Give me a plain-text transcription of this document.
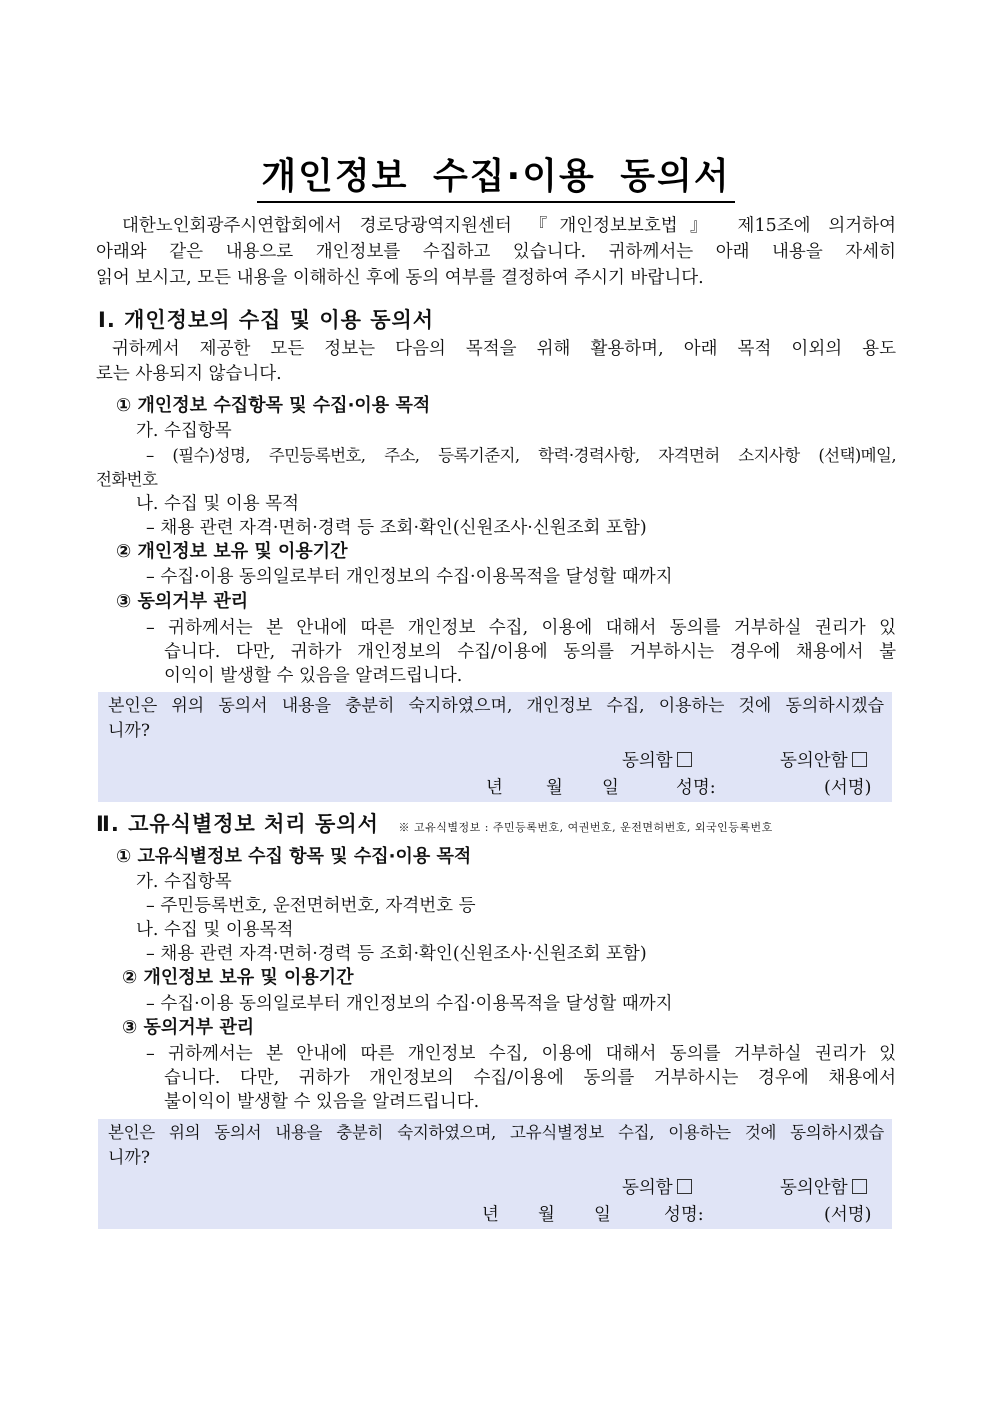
개인정보 수집·이용 동의서
대한노인회광주시연합회에서 경로당광역지원센터 『개인정보보호법』 제15조에 의거하여
아래와 같은 내용으로 개인정보를 수집하고 있습니다. 귀하께서는 아래 내용을 자세히
읽어 보시고, 모든 내용을 이해하신 후에 동의 여부를 결정하여 주시기 바랍니다.
Ⅰ. 개인정보의 수집 및 이용 동의서
귀하께서 제공한 모든 정보는 다음의 목적을 위해 활용하며, 아래 목적 이외의 용도
로는 사용되지 않습니다.
① 개인정보 수집항목 및 수집·이용 목적
가. 수집항목
– (필수)성명, 주민등록번호, 주소, 등록기준지, 학력·경력사항, 자격면허 소지사항 (선택)메일,
전화번호
나. 수집 및 이용 목적
– 채용 관련 자격·면허·경력 등 조회·확인(신원조사·신원조회 포함)
② 개인정보 보유 및 이용기간
– 수집·이용 동의일로부터 개인정보의 수집·이용목적을 달성할 때까지
③ 동의거부 관리
– 귀하께서는 본 안내에 따른 개인정보 수집, 이용에 대해서 동의를 거부하실 권리가 있
습니다. 다만, 귀하가 개인정보의 수집/이용에 동의를 거부하시는 경우에 채용에서 불
이익이 발생할 수 있음을 알려드립니다.
본인은 위의 동의서 내용을 충분히 숙지하였으며, 개인정보 수집, 이용하는 것에 동의하시겠습
니까?
동의함	동의안함
년 월 일	성명:	(서명)
Ⅱ. 고유식별정보 처리 동의서 ※ 고유식별정보 : 주민등록번호, 여권번호, 운전면허번호, 외국인등록번호
① 고유식별정보 수집 항목 및 수집·이용 목적
가. 수집항목
– 주민등록번호, 운전면허번호, 자격번호 등
나. 수집 및 이용목적
– 채용 관련 자격·면허·경력 등 조회·확인(신원조사·신원조회 포함)
② 개인정보 보유 및 이용기간
– 수집·이용 동의일로부터 개인정보의 수집·이용목적을 달성할 때까지
③ 동의거부 관리
– 귀하께서는 본 안내에 따른 개인정보 수집, 이용에 대해서 동의를 거부하실 권리가 있
습니다. 다만, 귀하가 개인정보의 수집/이용에 동의를 거부하시는 경우에 채용에서
불이익이 발생할 수 있음을 알려드립니다.
본인은 위의 동의서 내용을 충분히 숙지하였으며, 고유식별정보 수집, 이용하는 것에 동의하시겠습
니까?
동의함	동의안함
년 월 일	성명:	(서명)
